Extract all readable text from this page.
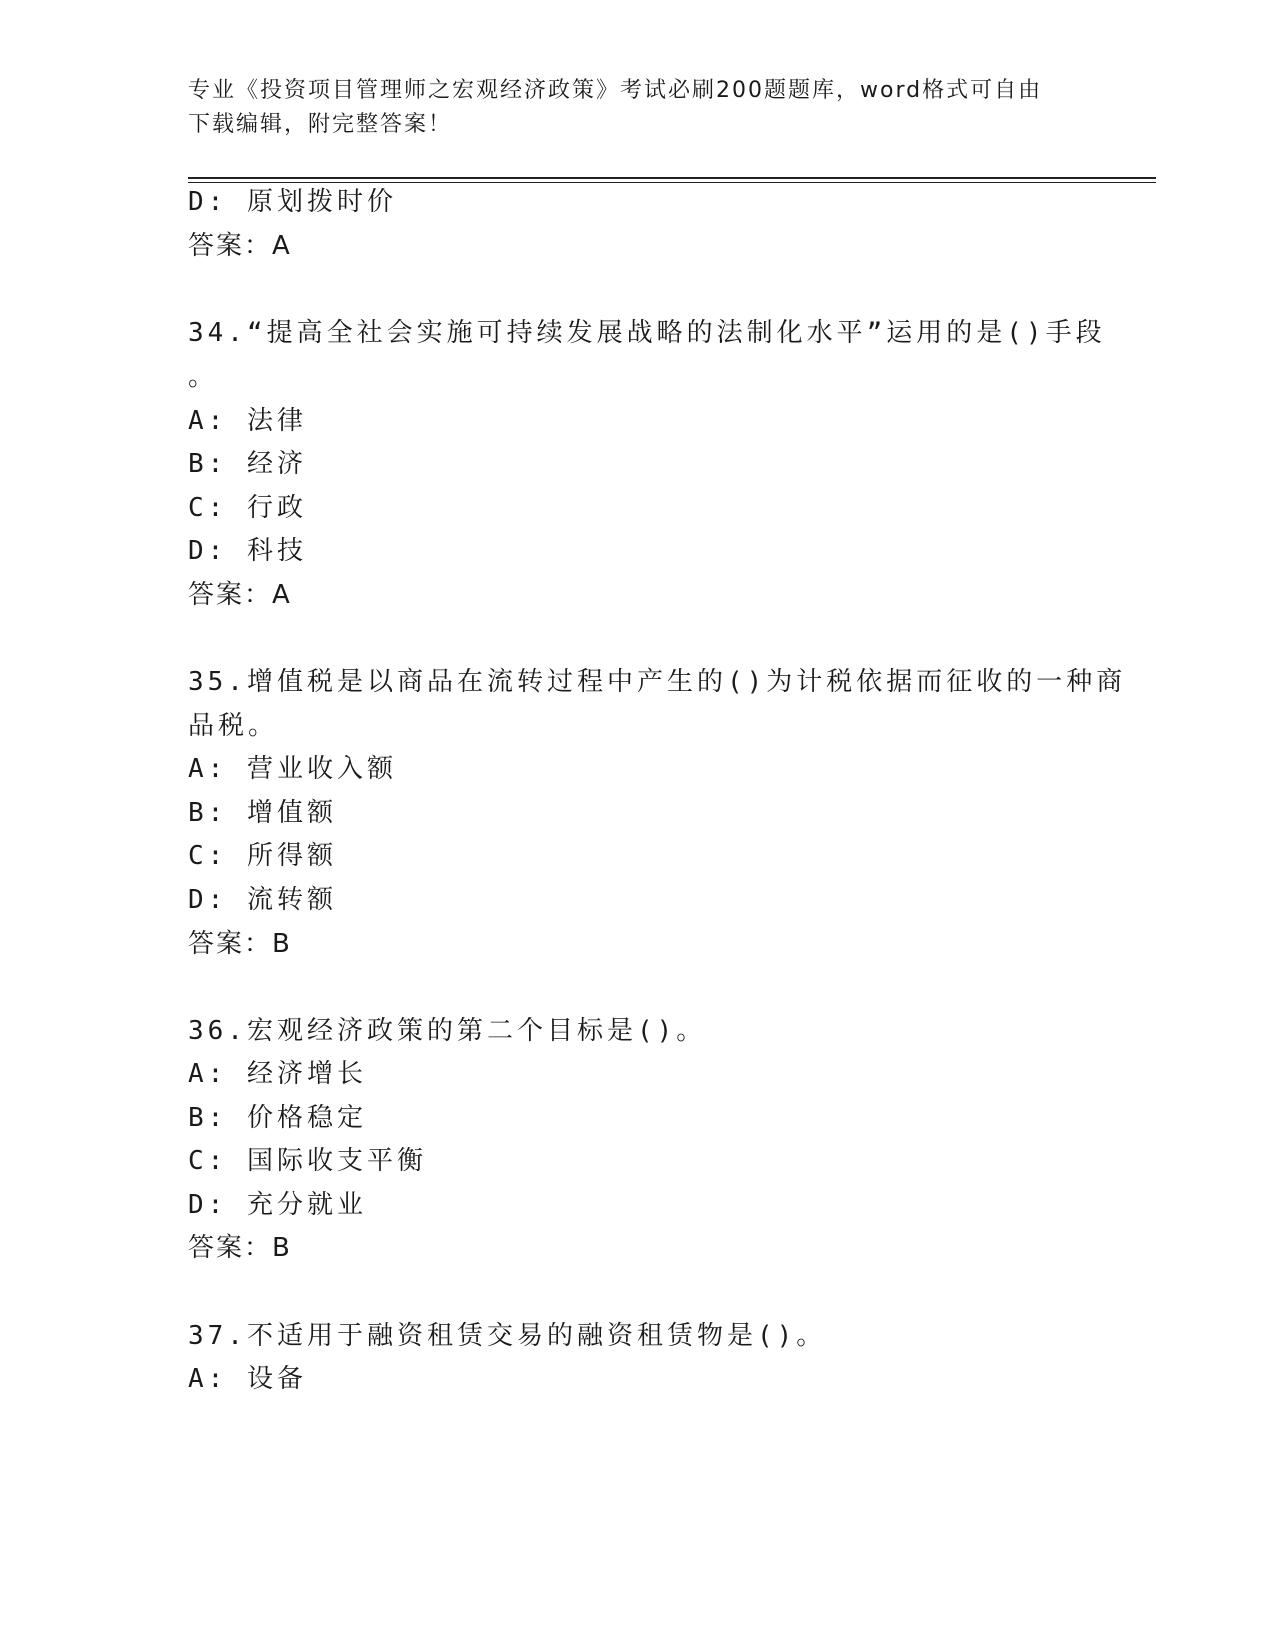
专业《投资项目管理师之宏观经济政策》考试必刷200题题库，word格式可自由
下载编辑，附完整答案！
D: 原划拨时价
答案：A
34.“提高全社会实施可持续发展战略的法制化水平”运用的是()手段
。
A: 法律
B: 经济
C: 行政
D: 科技
答案：A
35.增值税是以商品在流转过程中产生的()为计税依据而征收的一种商
品税。
A: 营业收入额
B: 增值额
C: 所得额
D: 流转额
答案：B
36.宏观经济政策的第二个目标是()。
A: 经济增长
B: 价格稳定
C: 国际收支平衡
D: 充分就业
答案：B
37.不适用于融资租赁交易的融资租赁物是()。
A: 设备
